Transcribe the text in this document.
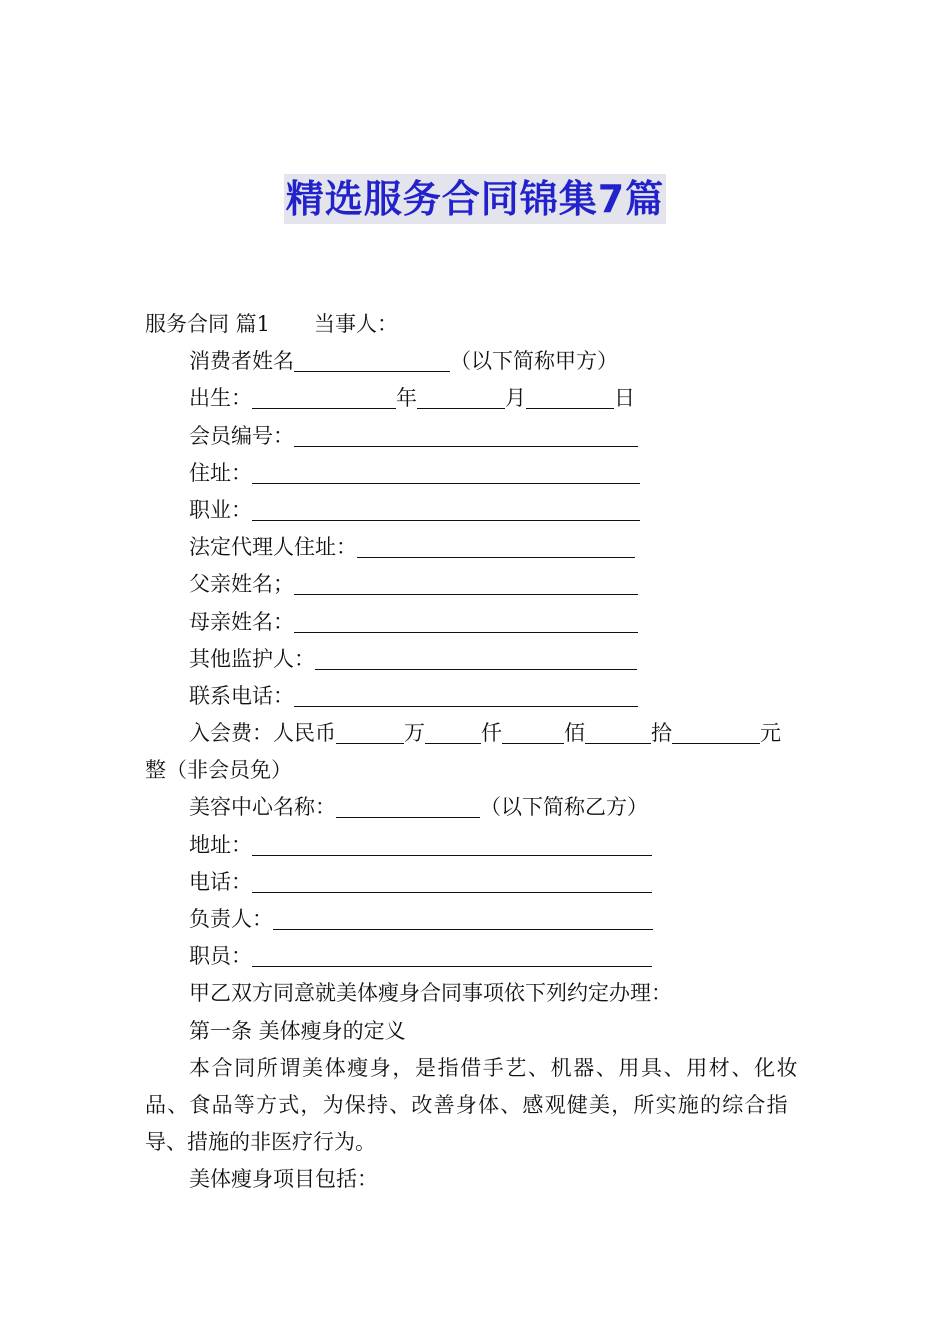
精选服务合同锦集7篇
服务合同 篇1 当事人：
消费者姓名	（以下简称甲方）
出生：	年	月	日
会员编号：
住址：
职业：
法定代理人住址：
父亲姓名；
母亲姓名：
其他监护人：
联系电话：
入会费：人民币	万	仟	佰	拾	元
整（非会员免）
美容中心名称：	（以下简称乙方）
地址：
电话：
负责人：
职员：
甲乙双方同意就美体瘦身合同事项依下列约定办理：
第一条 美体瘦身的定义
本合同所谓美体瘦身，是指借手艺、机器、用具、用材、化妆
品、食品等方式，为保持、改善身体、感观健美，所实施的综合指
导、措施的非医疗行为。
美体瘦身项目包括：
